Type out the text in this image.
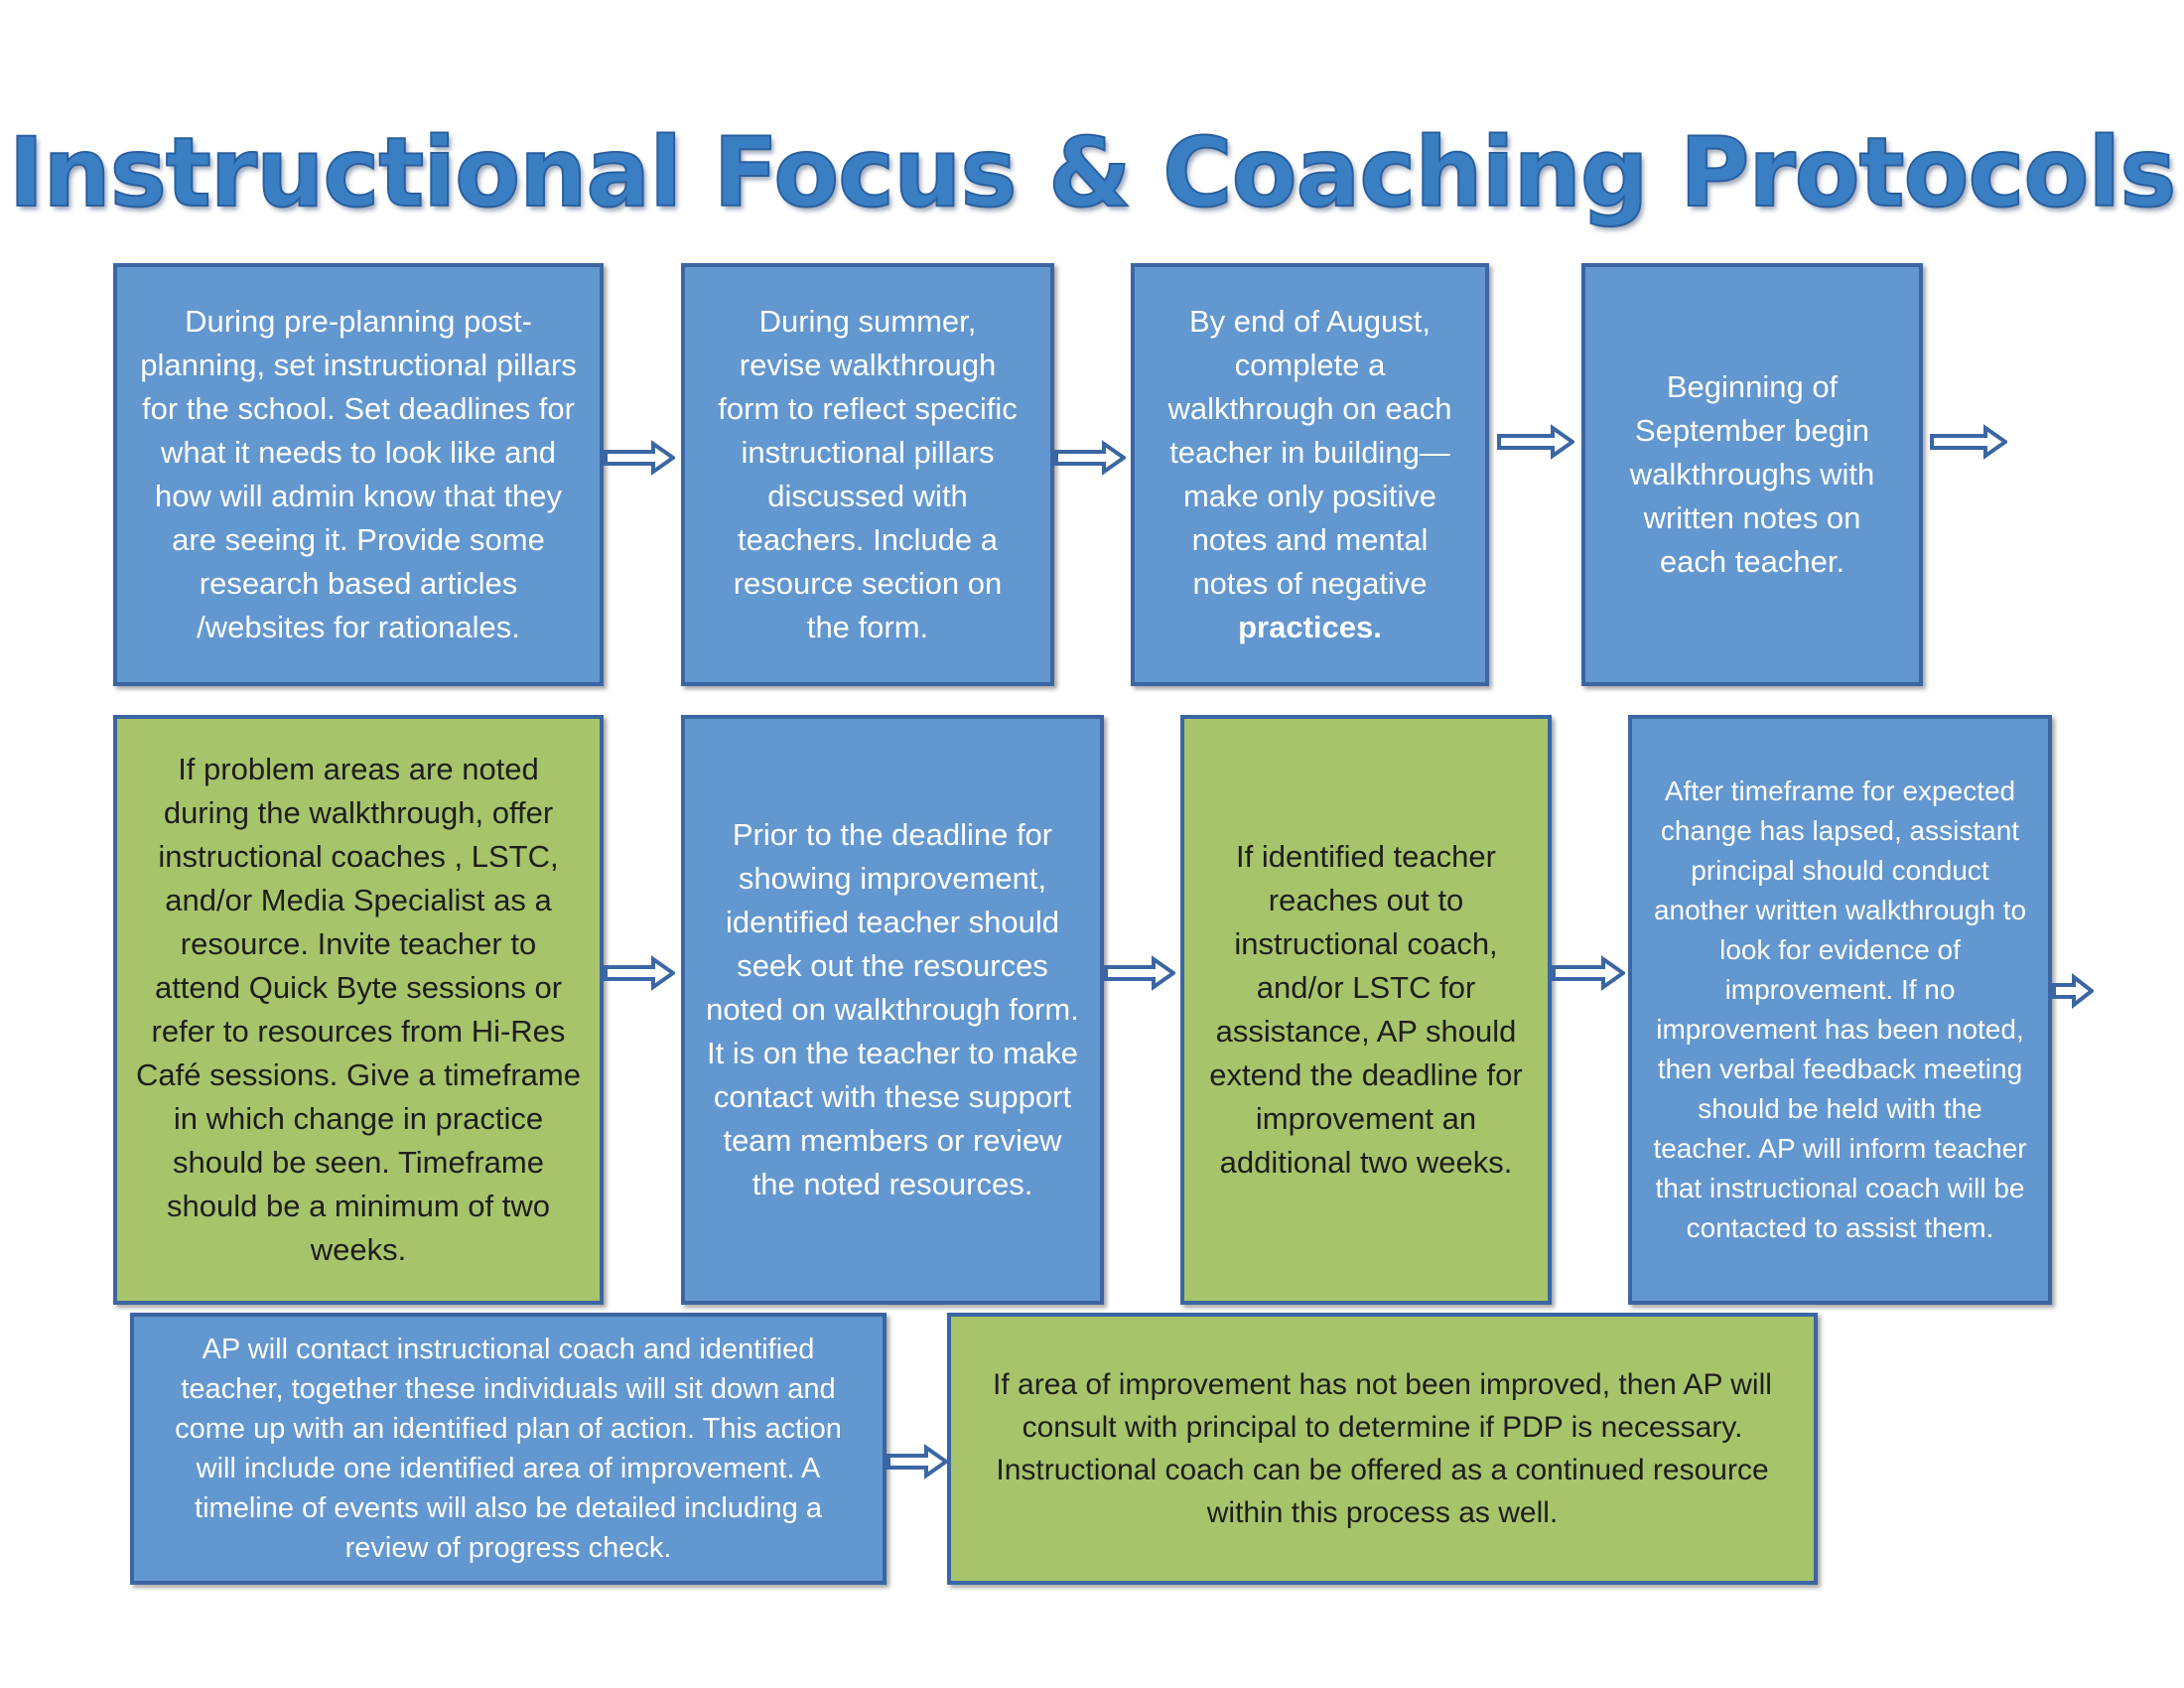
Instructional Focus & Coaching Protocols
During pre-planning post-planning, set instructional pillars for the school. Set deadlines for what it needs to look like and how will admin know that they are seeing it. Provide some research based articles /websites for rationales.
During summer, revise walkthrough form to reflect specific instructional pillars discussed with teachers. Include a resource section on the form.
By end of August, complete a walkthrough on each teacher in building—make only positive notes and mental notes of negative
practices.
Beginning of September begin walkthroughs with written notes on each teacher.
If problem areas are noted during the walkthrough, offer instructional coaches , LSTC, and/or Media Specialist as a resource. Invite teacher to attend Quick Byte sessions or refer to resources from Hi-Res Café sessions. Give a timeframe in which change in practice should be seen. Timeframe should be a minimum of two weeks.
Prior to the deadline for showing improvement, identified teacher should seek out the resources noted on walkthrough form. It is on the teacher to make contact with these support team members or review the noted resources.
If identified teacher reaches out to instructional coach, and/or LSTC for assistance, AP should extend the deadline for improvement an additional two weeks.
After timeframe for expected change has lapsed, assistant principal should conduct another written walkthrough to look for evidence of improvement. If no improvement has been noted, then verbal feedback meeting should be held with the teacher. AP will inform teacher that instructional coach will be contacted to assist them.
AP will contact instructional coach and identified teacher, together these individuals will sit down and come up with an identified plan of action. This action will include one identified area of improvement. A timeline of events will also be detailed including a review of progress check.
If area of improvement has not been improved, then AP will consult with principal to determine if PDP is necessary. Instructional coach can be offered as a continued resource within this process as well.
